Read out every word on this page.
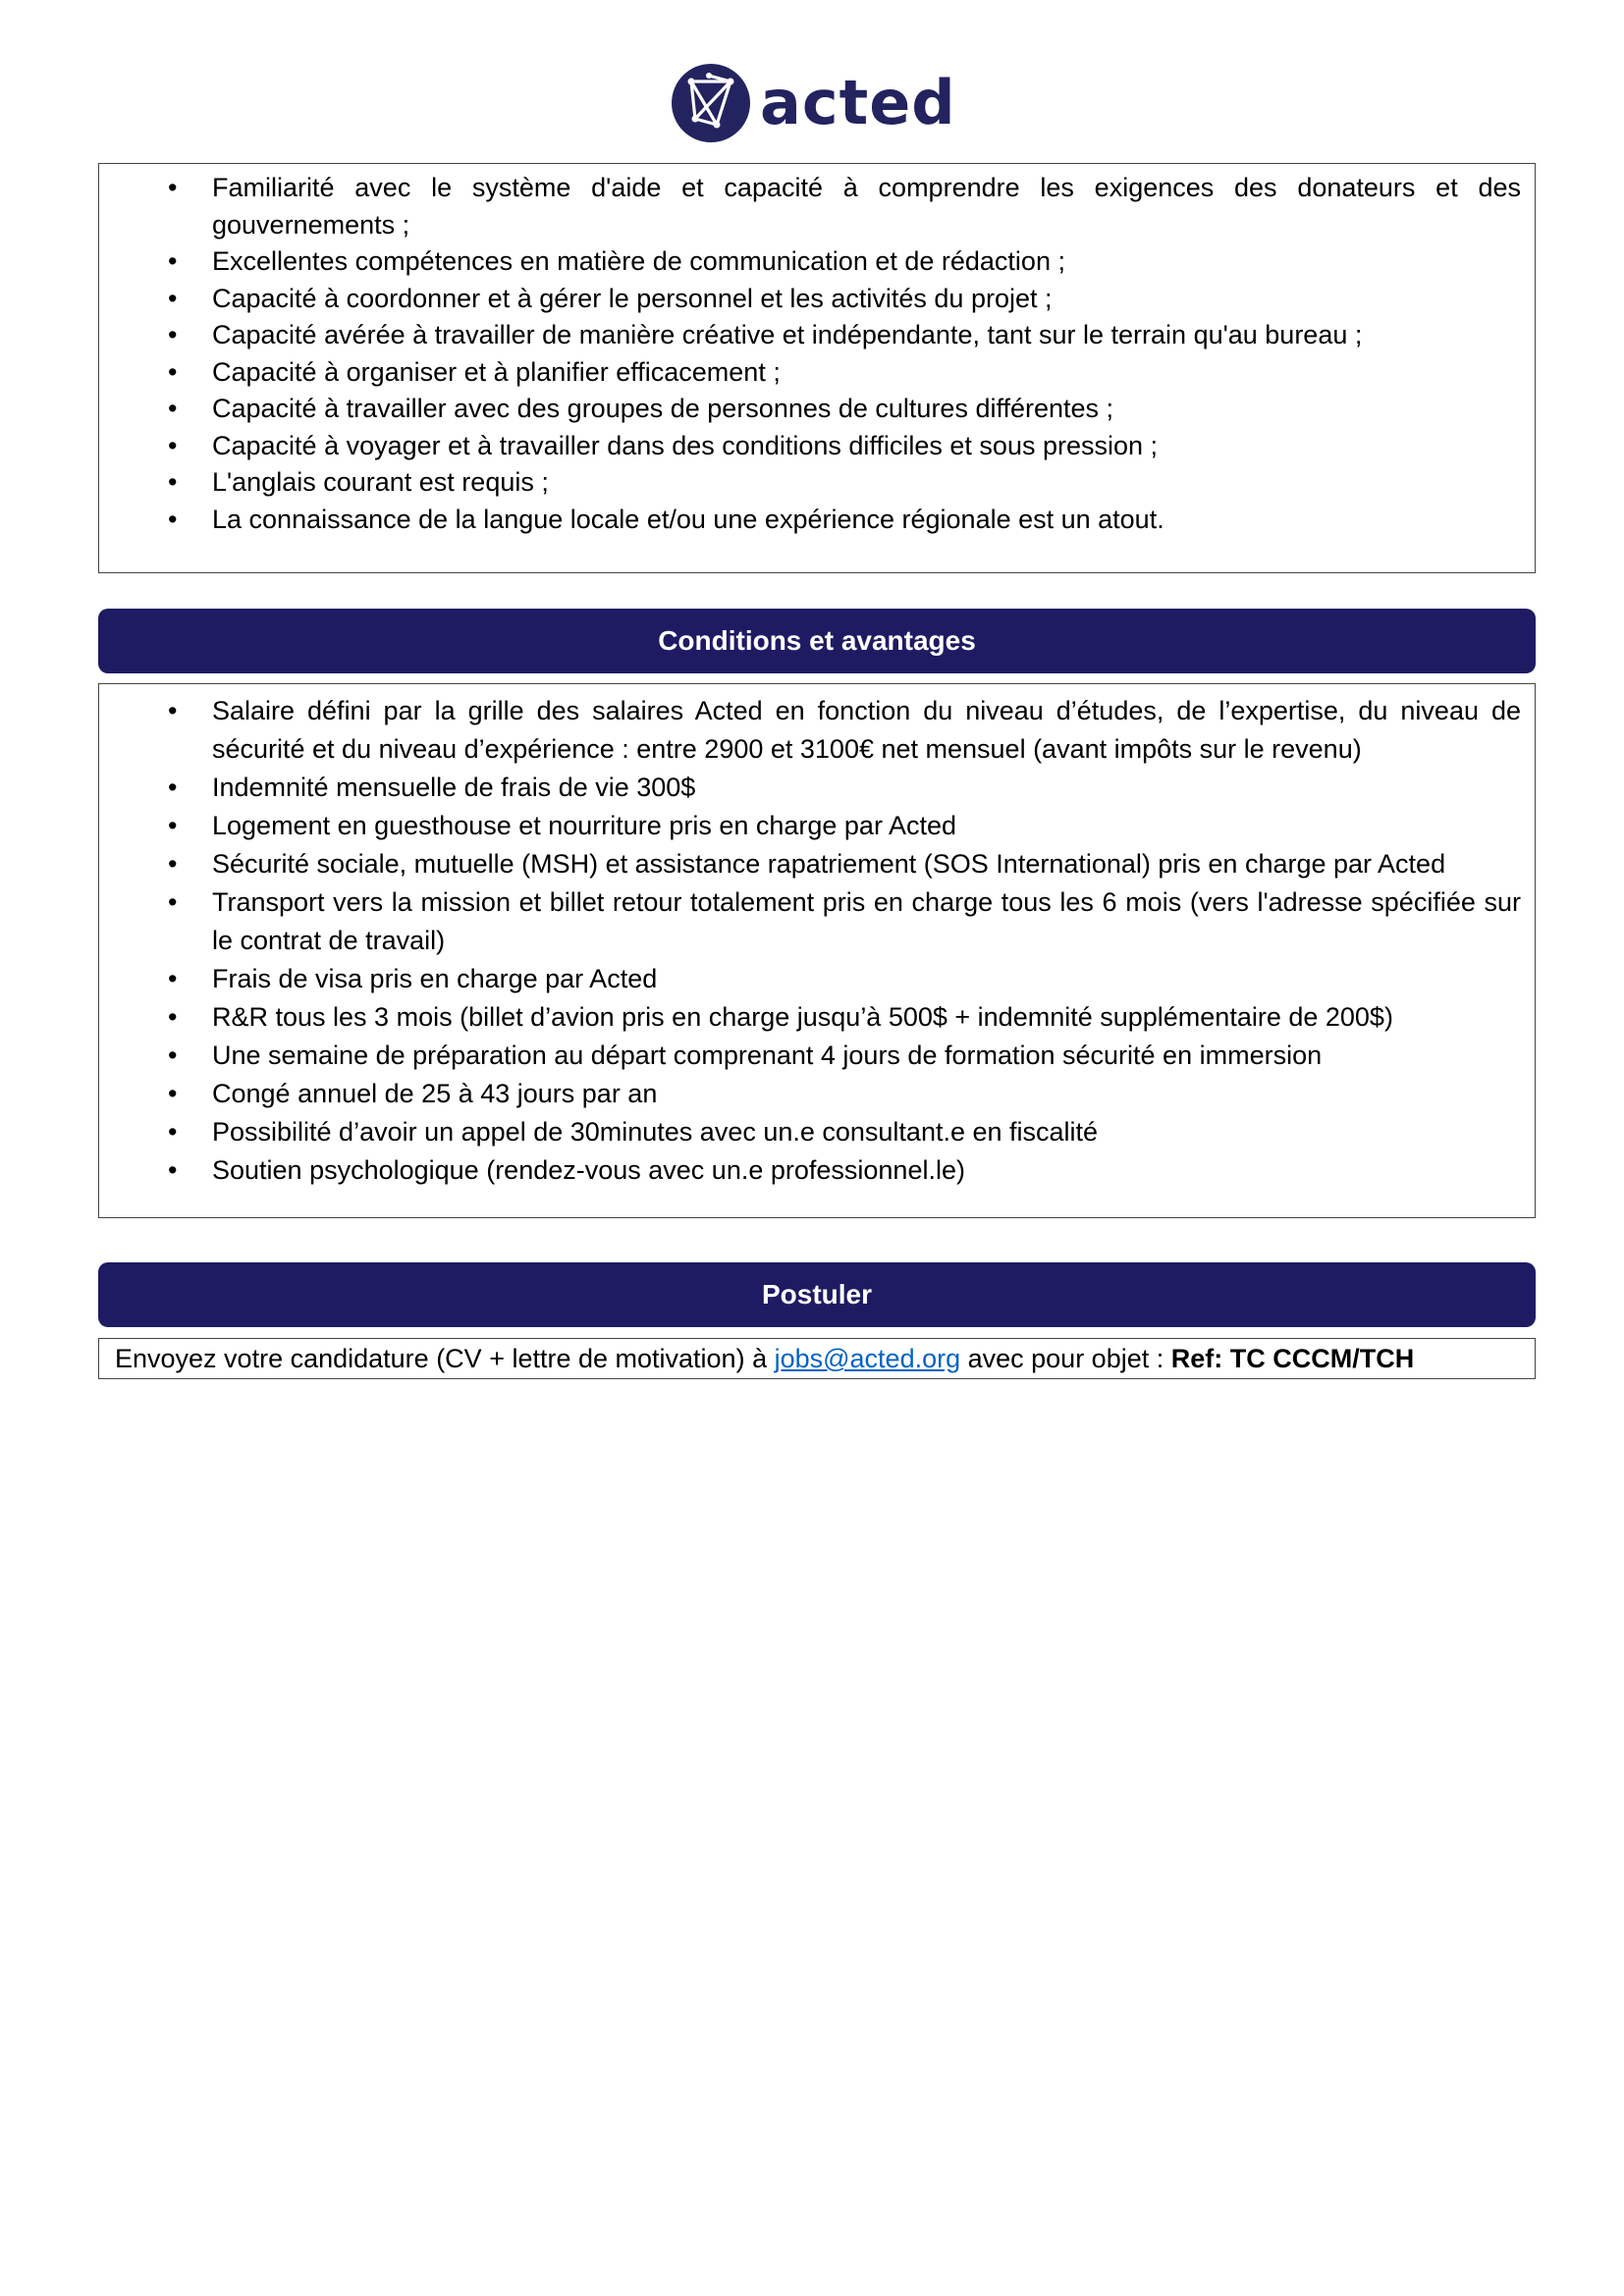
acted
• Familiarité avec le système d'aide et capacité à comprendre les exigences des donateurs et des gouvernements ;
• Excellentes compétences en matière de communication et de rédaction ;
• Capacité à coordonner et à gérer le personnel et les activités du projet ;
• Capacité avérée à travailler de manière créative et indépendante, tant sur le terrain qu'au bureau ;
• Capacité à organiser et à planifier efficacement ;
• Capacité à travailler avec des groupes de personnes de cultures différentes ;
• Capacité à voyager et à travailler dans des conditions difficiles et sous pression ;
• L'anglais courant est requis ;
• La connaissance de la langue locale et/ou une expérience régionale est un atout.
Conditions et avantages
• Salaire défini par la grille des salaires Acted en fonction du niveau d’études, de l’expertise, du niveau de sécurité et du niveau d’expérience : entre 2900 et 3100€ net mensuel (avant impôts sur le revenu)
• Indemnité mensuelle de frais de vie 300$
• Logement en guesthouse et nourriture pris en charge par Acted
• Sécurité sociale, mutuelle (MSH) et assistance rapatriement (SOS International) pris en charge par Acted
• Transport vers la mission et billet retour totalement pris en charge tous les 6 mois (vers l'adresse spécifiée sur le contrat de travail)
• Frais de visa pris en charge par Acted
• R&R tous les 3 mois (billet d’avion pris en charge jusqu’à 500$ + indemnité supplémentaire de 200$)
• Une semaine de préparation au départ comprenant 4 jours de formation sécurité en immersion
• Congé annuel de 25 à 43 jours par an
• Possibilité d’avoir un appel de 30minutes avec un.e consultant.e en fiscalité
• Soutien psychologique (rendez-vous avec un.e professionnel.le)
Postuler
Envoyez votre candidature (CV + lettre de motivation) à jobs@acted.org avec pour objet : Ref: TC CCCM/TCH
